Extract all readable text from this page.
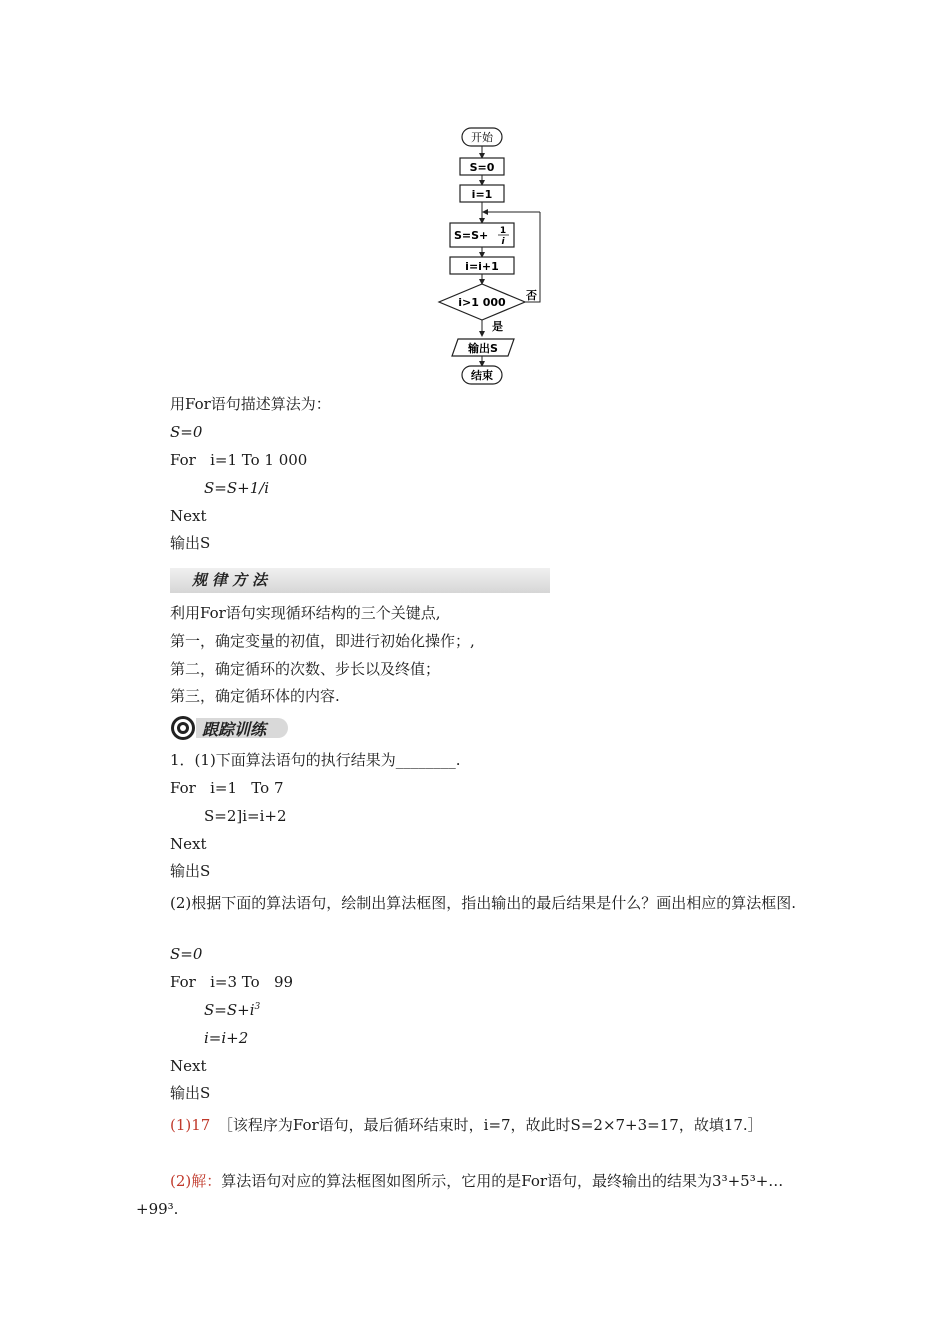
开始
S=0
i=1
S=S+ 1
i
i=i+1
i>1 000
否
是
输出S
结束
用For语句描述算法为：
S=0
For   i=1 To 1 000
S=S+1/i
Next
输出S
规律方法
利用For语句实现循环结构的三个关键点,
第一，确定变量的初值，即进行初始化操作；,
第二，确定循环的次数、步长以及终值；
第三，确定循环体的内容.
跟踪训练
1．(1)下面算法语句的执行结果为________.
For   i=1   To 7
S=2]i=i+2
Next
输出S
(2)根据下面的算法语句，绘制出算法框图，指出输出的最后结果是什么？画出相应的算法框图.
S=0
For   i=3 To   99
$S=S+i^3$
i=i+2
Next
输出S
(1)17　 ［该程序为For语句，最后循环结束时，i=7，故此时S=2×7+3=17，故填17.］
(2)解：算法语句对应的算法框图如图所示，它用的是For语句，最终输出的结果为3³+5³+…+99³.
